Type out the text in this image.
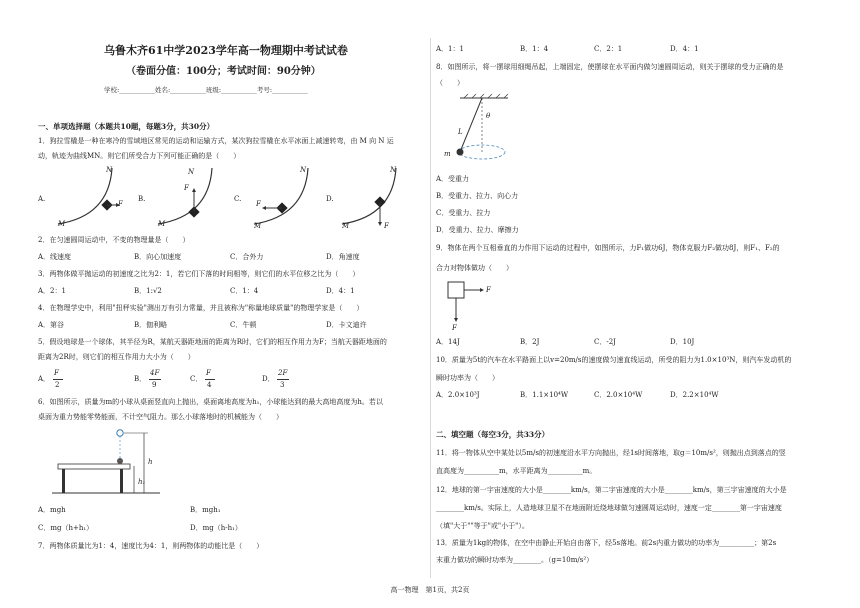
乌鲁木齐61中学2023学年高一物理期中考试试卷
（卷面分值：100分；考试时间：90分钟）
学校:___________姓名:___________班级:___________考号:___________
一、单项选择题（本题共10题，每题3分，共30分）
1．狗拉雪橇是一种在寒冷的雪域地区常见的运动和运输方式，某次狗拉雪橇在水平冰面上减速转弯，由 M 向 N 运
动，轨迹为曲线MN。则它们所受合力下列可能正确的是（　　）
A.
N
M
F
B.
N
M
F
C.
N
M
F
D.
N
M	F
2．在匀速圆周运动中，不变的物理量是（　　）
A．线速度	B．向心加速度	C．合外力	D．角速度
3．两物体做平抛运动的初速度之比为2：1，若它们下落的时间相等，则它们的水平位移之比为（　　）
A．2：1	B．1:√2	C．1：4	D．4：1
4．在物理学史中，利用"扭秤实验"测出万有引力常量，并且被称为"称量地球质量"的物理学家是（　　）
A．第谷	B．伽利略	C．牛顿	D．卡文迪许
5．假设地球是一个球体，其半径为R，某航天器距地面的距离为R时，它们的相互作用力为F；当航天器距地面的
距离为2R时，则它们的相互作用力大小为（　　）
A．
F
2
B．
4F
9
C．
F
4
D．
2F
3
6．如图所示，质量为m的小球从桌面竖直向上抛出，桌面离地高度为h₁，小球能达到的最大高地高度为h。若以
桌面为重力势能零势能面，不计空气阻力。那么小球落地时的机械能为（　　）
h
h₁
A．mgh	B．mgh₁
C．mg（h+h₁）	D．mg（h-h₁）
7．两物体质量比为1：4，速度比为4：1，则两物体的动能比是（　　）
A．1：1	B．1：4	C．2：1	D．4：1
8．如图所示，将一摆球用细绳吊起，上端固定，使摆球在水平面内做匀速圆周运动，则关于摆球的受力正确的是
（　　）
θ
L
m
A．受重力
B．受重力、拉力、向心力
C．受重力、拉力
D．受重力、拉力、摩擦力
9．物体在两个互相垂直的力作用下运动的过程中，如图所示，力F₁做功6J，物体克服力F₂做功8J，则F₁、F₂的
合力对物体做功（　　）
F
F
A．14J	B．2J	C．-2J	D．10J
10．质量为5t的汽车在水平路面上以v=20m/s的速度做匀速直线运动，所受的阻力为1.0×10³N，则汽车发动机的
瞬时功率为（　　）
A．2.0×10³J	B．1.1×10⁴W	C．2.0×10⁴W	D．2.2×10⁴W
二、填空题（每空3分，共33分）
11．将一物体从空中某处以5m/s的初速度沿水平方向抛出，经1s时间落地，取g＝10m/s²，则抛出点到落点的竖
直高度为__________m，水平距离为__________m。
12．地球的第一宇宙速度的大小是________km/s，第二宇宙速度的大小是________km/s，第三宇宙速度的大小是
________km/s。实际上，人造地球卫星不在地面附近绕地球做匀速圆周运动时，速度一定________第一宇宙速度
（填"大于""等于"或"小于"）。
13．质量为1kg的物体，在空中由静止开始自由落下，经5s落地。前2s内重力做功的功率为__________；第2s
末重力做功的瞬时功率为________。（g=10m/s²）
高一物理　第1页，共2页
